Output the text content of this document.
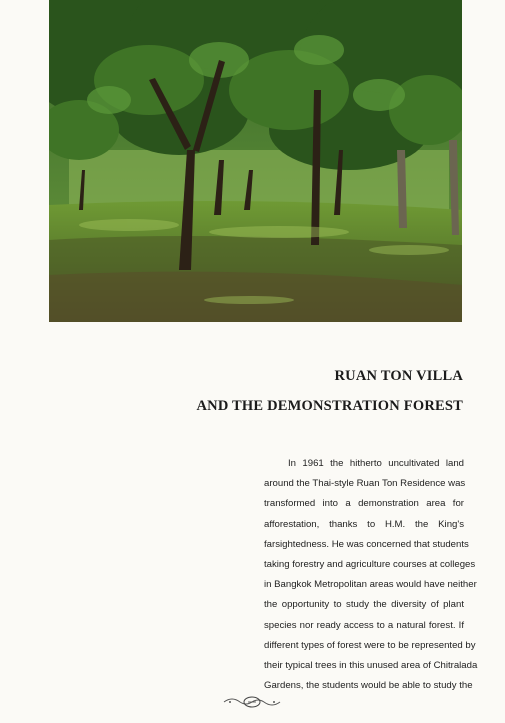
RUAN TON VILLA
AND THE DEMONSTRATION FOREST
In 1961 the hitherto uncultivated land
around the Thai-style Ruan Ton Residence was
transformed into a demonstration area for
afforestation, thanks to H.M. the King's
farsightedness. He was concerned that students
taking forestry and agriculture courses at colleges
in Bangkok Metropolitan areas would have neither
the opportunity to study the diversity of plant
species nor ready access to a natural forest. If
different types of forest were to be represented by
their typical trees in this unused area of Chitralada
Gardens, the students would be able to study the
